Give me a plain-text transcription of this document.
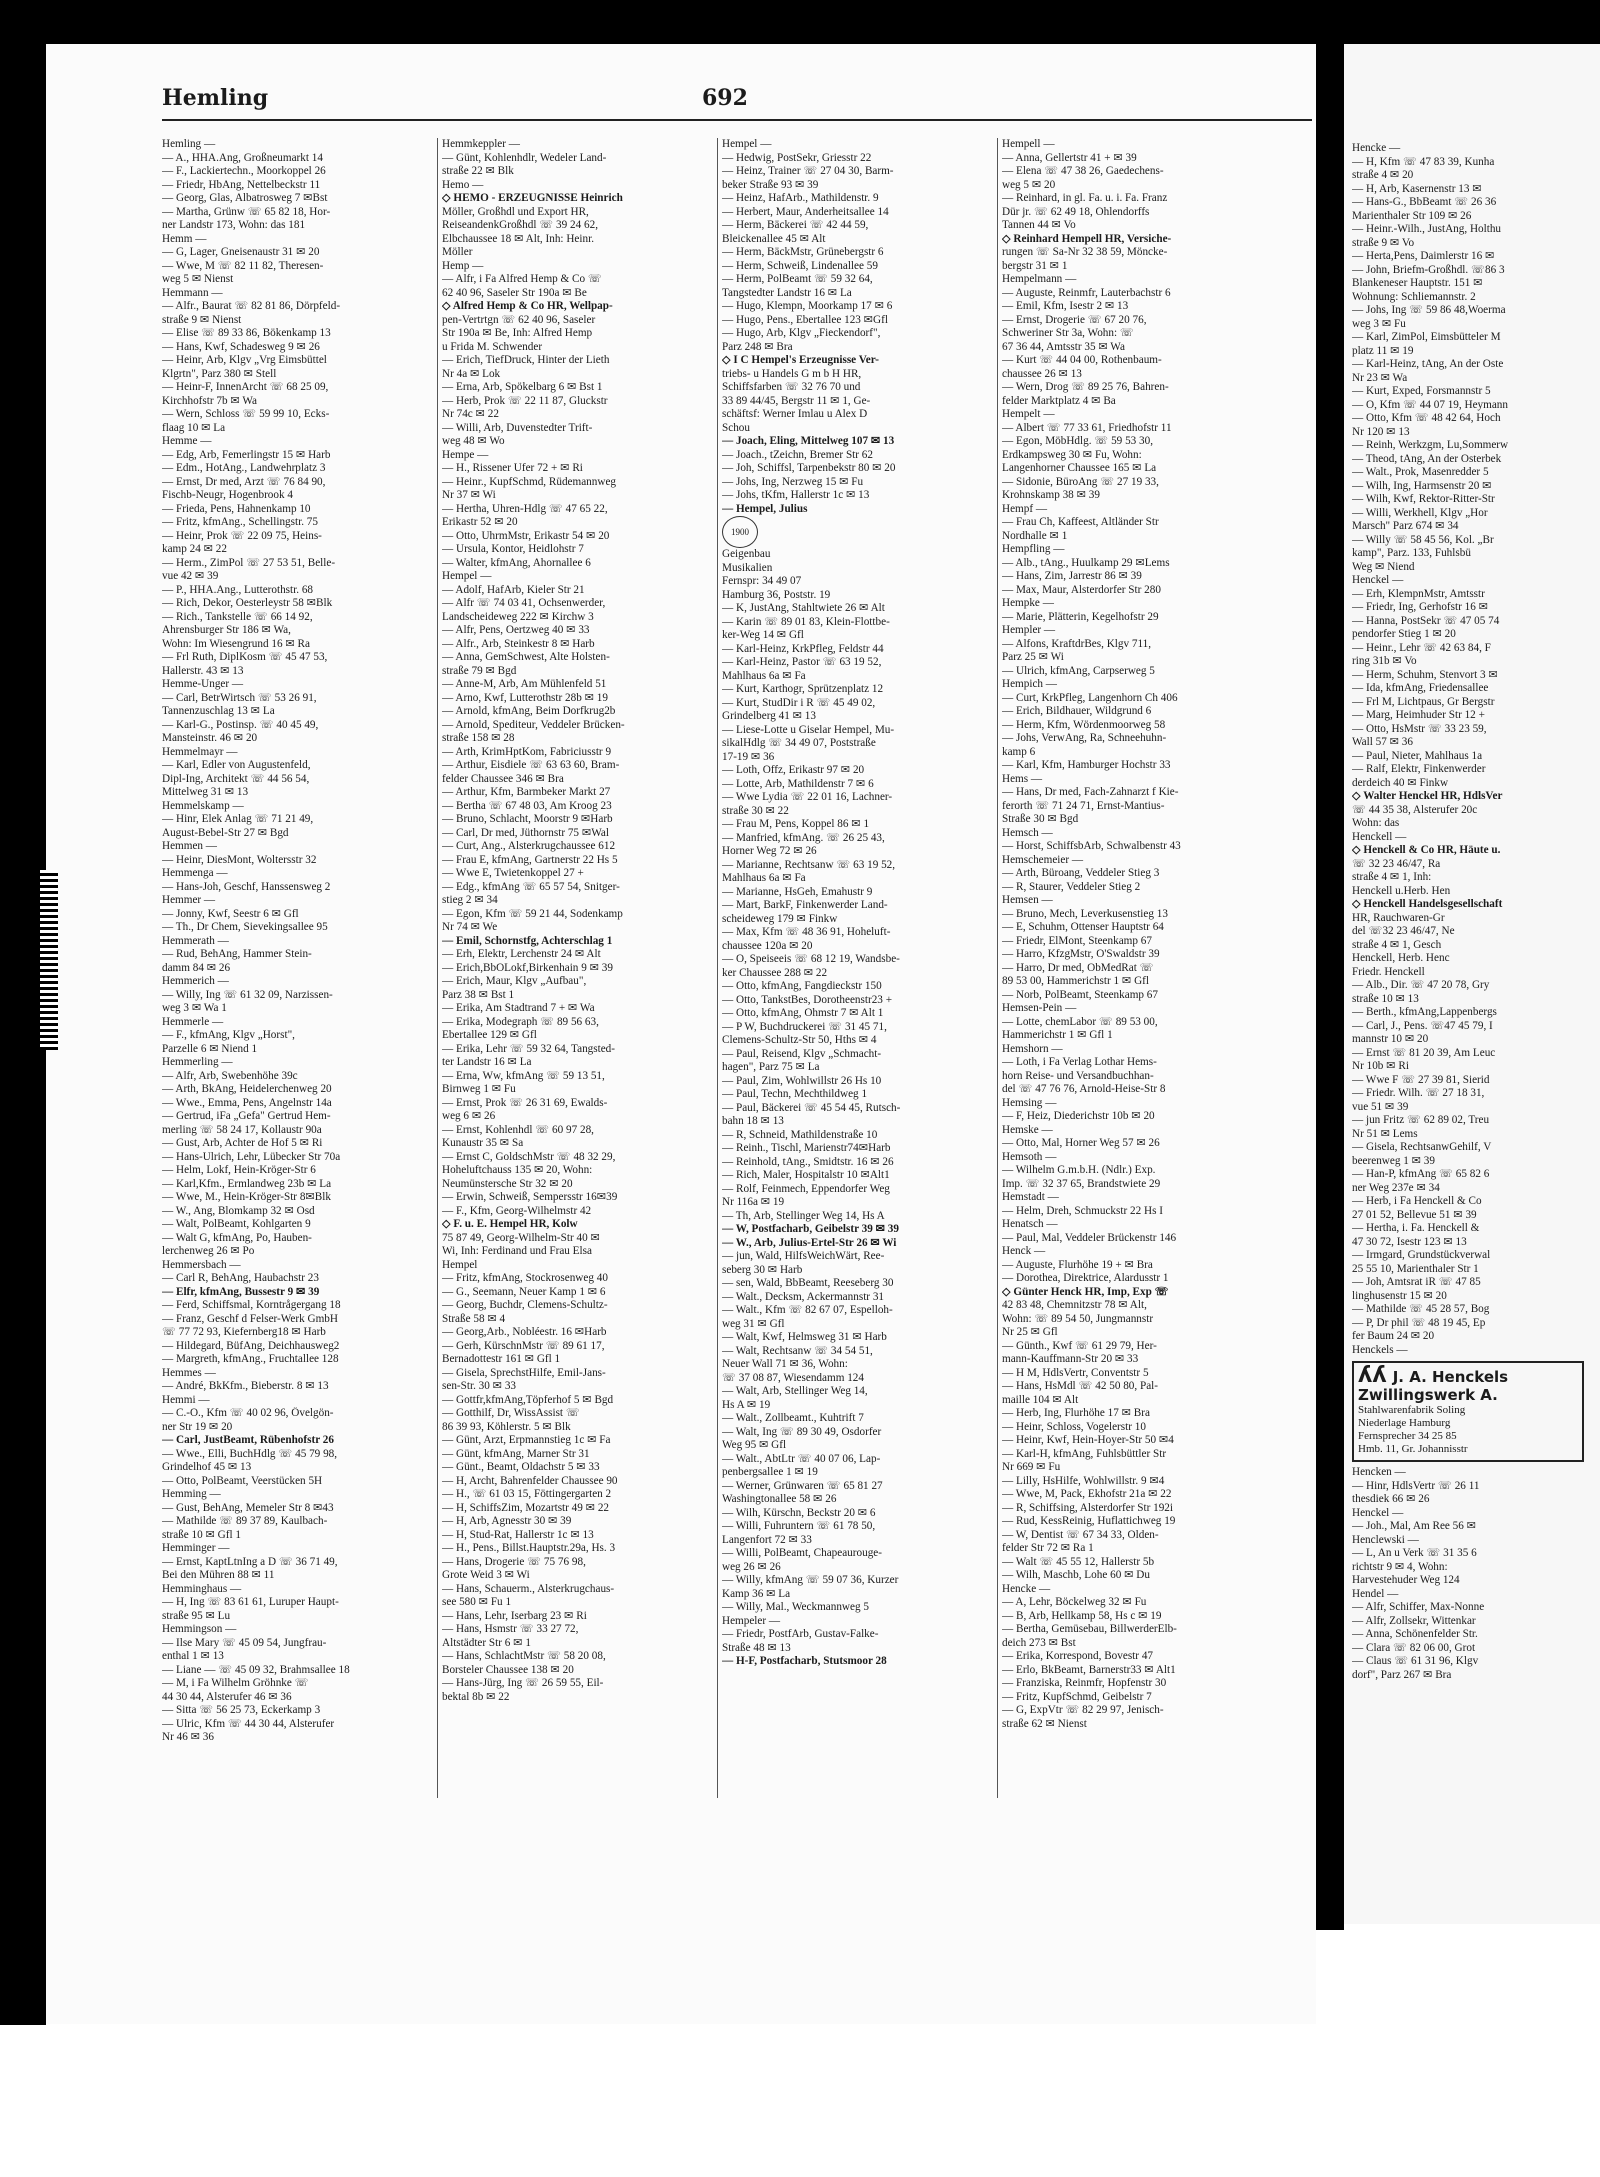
Hemling	692
Hemling —
— A., HHA.Ang, Großneumarkt 14
— F., Lackiertechn., Moorkoppel 26
— Friedr, HbAng, Nettelbeckstr 11
— Georg, Glas, Albatrosweg 7 ✉Bst
— Martha, Grünw ☏ 65 82 18, Hor-
ner Landstr 173, Wohn: das 181
Hemm —
— G, Lager, Gneisenaustr 31 ✉ 20
— Wwe, M ☏ 82 11 82, Theresen-
weg 5 ✉ Nienst
Hemmann —
— Alfr., Baurat ☏ 82 81 86, Dörpfeld-
straße 9 ✉ Nienst
— Elise ☏ 89 33 86, Bökenkamp 13
— Hans, Kwf, Schadesweg 9 ✉ 26
— Heinr, Arb, Klgv „Vrg Eimsbüttel
Klgrtn", Parz 380 ✉ Stell
— Heinr-F, InnenArcht ☏ 68 25 09,
Kirchhofstr 7b ✉ Wa
— Wern, Schloss ☏ 59 99 10, Ecks-
flaag 10 ✉ La
Hemme —
— Edg, Arb, Femerlingstr 15 ✉ Harb
— Edm., HotAng., Landwehrplatz 3
— Ernst, Dr med, Arzt ☏ 76 84 90,
Fischb-Neugr, Hogenbrook 4
— Frieda, Pens, Hahnenkamp 10
— Fritz, kfmAng., Schellingstr. 75
— Heinr, Prok ☏ 22 09 75, Heins-
kamp 24 ✉ 22
— Herm., ZimPol ☏ 27 53 51, Belle-
vue 42 ✉ 39
— P., HHA.Ang., Lutterothstr. 68
— Rich, Dekor, Oesterleystr 58 ✉Blk
— Rich., Tankstelle ☏ 66 14 92,
Ahrensburger Str 186 ✉ Wa,
Wohn: Im Wiesengrund 16 ✉ Ra
— Frl Ruth, DiplKosm ☏ 45 47 53,
Hallerstr. 43 ✉ 13
Hemme-Unger —
— Carl, BetrWirtsch ☏ 53 26 91,
Tannenzuschlag 13 ✉ La
— Karl-G., Postinsp. ☏ 40 45 49,
Mansteinstr. 46 ✉ 20
Hemmelmayr —
— Karl, Edler von Augustenfeld,
Dipl-Ing, Architekt ☏ 44 56 54,
Mittelweg 31 ✉ 13
Hemmelskamp —
— Hinr, Elek Anlag ☏ 71 21 49,
August-Bebel-Str 27 ✉ Bgd
Hemmen —
— Heinr, DiesMont, Woltersstr 32
Hemmenga —
— Hans-Joh, Geschf, Hanssensweg 2
Hemmer —
— Jonny, Kwf, Seestr 6 ✉ Gfl
— Th., Dr Chem, Sievekingsallee 95
Hemmerath —
— Rud, BehAng, Hammer Stein-
damm 84 ✉ 26
Hemmerich —
— Willy, Ing ☏ 61 32 09, Narzissen-
weg 3 ✉ Wa 1
Hemmerle —
— F., kfmAng, Klgv „Horst",
Parzelle 6 ✉ Niend 1
Hemmerling —
— Alfr, Arb, Swebenhöhe 39c
— Arth, BkAng, Heidelerchenweg 20
— Wwe., Emma, Pens, Angelnstr 14a
— Gertrud, iFa „Gefa" Gertrud Hem-
merling ☏ 58 24 17, Kollaustr 90a
— Gust, Arb, Achter de Hof 5 ✉ Ri
— Hans-Ulrich, Lehr, Lübecker Str 70a
— Helm, Lokf, Hein-Kröger-Str 6
— Karl,Kfm., Ermlandweg 23b ✉ La
— Wwe, M., Hein-Kröger-Str 8✉Blk
— W., Ang, Blomkamp 32 ✉ Osd
— Walt, PolBeamt, Kohlgarten 9
— Walt G, kfmAng, Po, Hauben-
lerchenweg 26 ✉ Po
Hemmersbach —
— Carl R, BehAng, Haubachstr 23
— Elfr, kfmAng, Bussestr 9 ✉ 39
— Ferd, Schiffsmal, Korntrågergang 18
— Franz, Geschf d Felser-Werk GmbH
☏ 77 72 93, Kiefernberg18 ✉ Harb
— Hildegard, BüfAng, Deichhausweg2
— Margreth, kfmAng., Fruchtallee 128
Hemmes —
— André, BkKfm., Bieberstr. 8 ✉ 13
Hemmi —
— C.-O., Kfm ☏ 40 02 96, Övelgön-
ner Str 19 ✉ 20
— Carl, JustBeamt, Rübenhofstr 26
— Wwe., Elli, BuchHdlg ☏ 45 79 98,
Grindelhof 45 ✉ 13
— Otto, PolBeamt, Veerstücken 5H
Hemming —
— Gust, BehAng, Memeler Str 8 ✉43
— Mathilde ☏ 89 37 89, Kaulbach-
straße 10 ✉ Gfl 1
Hemminger —
— Ernst, KaptLtnIng a D ☏ 36 71 49,
Bei den Mühren 88 ✉ 11
Hemminghaus —
— H, Ing ☏ 83 61 61, Luruper Haupt-
straße 95 ✉ Lu
Hemmingson —
— Ilse Mary ☏ 45 09 54, Jungfrau-
enthal 1 ✉ 13
— Liane — ☏ 45 09 32, Brahmsallee 18
— M, i Fa Wilhelm Gröhnke ☏
44 30 44, Alsterufer 46 ✉ 36
— Sitta ☏ 56 25 73, Eckerkamp 3
— Ulric, Kfm ☏ 44 30 44, Alsterufer
Nr 46 ✉ 36
Hemmkeppler —
— Günt, Kohlenhdlr, Wedeler Land-
straße 22 ✉ Blk
Hemo —
◇ HEMO - ERZEUGNISSE Heinrich
Möller, Großhdl und Export HR,
ReiseandenkGroßhdl ☏ 39 24 62,
Elbchaussee 18 ✉ Alt, Inh: Heinr.
Möller
Hemp —
— Alfr, i Fa Alfred Hemp & Co ☏
62 40 96, Saseler Str 190a ✉ Be
◇ Alfred Hemp & Co HR, Wellpap-
pen-Vertrtgn ☏ 62 40 96, Saseler
Str 190a ✉ Be, Inh: Alfred Hemp
u Frida M. Schwender
— Erich, TiefDruck, Hinter der Lieth
Nr 4a ✉ Lok
— Erna, Arb, Spökelbarg 6 ✉ Bst 1
— Herb, Prok ☏ 22 11 87, Gluckstr
Nr 74c ✉ 22
— Willi, Arb, Duvenstedter Trift-
weg 48 ✉ Wo
Hempe —
— H., Rissener Ufer 72 + ✉ Ri
— Heinr., KupfSchmd, Rüdemannweg
Nr 37 ✉ Wi
— Hertha, Uhren-Hdlg ☏ 47 65 22,
Erikastr 52 ✉ 20
— Otto, UhrmMstr, Erikastr 54 ✉ 20
— Ursula, Kontor, Heidlohstr 7
— Walter, kfmAng, Ahornallee 6
Hempel —
— Adolf, HafArb, Kieler Str 21
— Alfr ☏ 74 03 41, Ochsenwerder,
Landscheideweg 222 ✉ Kirchw 3
— Alfr, Pens, Oertzweg 40 ✉ 33
— Alfr., Arb, Steinkestr 8 ✉ Harb
— Anna, GemSchwest, Alte Holsten-
straße 79 ✉ Bgd
— Anne-M, Arb, Am Mühlenfeld 51
— Arno, Kwf, Lutterothstr 28b ✉ 19
— Arnold, kfmAng, Beim Dorfkrug2b
— Arnold, Spediteur, Veddeler Brücken-
straße 158 ✉ 28
— Arth, KrimHptKom, Fabriciusstr 9
— Arthur, Eisdiele ☏ 63 63 60, Bram-
felder Chaussee 346 ✉ Bra
— Arthur, Kfm, Barmbeker Markt 27
— Bertha ☏ 67 48 03, Am Kroog 23
— Bruno, Schlacht, Moorstr 9 ✉Harb
— Carl, Dr med, Jüthornstr 75 ✉Wal
— Curt, Ang., Alsterkrugchaussee 612
— Frau E, kfmAng, Gartnerstr 22 Hs 5
— Wwe E, Twietenkoppel 27 +
— Edg., kfmAng ☏ 65 57 54, Snitger-
stieg 2 ✉ 34
— Egon, Kfm ☏ 59 21 44, Sodenkamp
Nr 74 ✉ We
— Emil, Schornstfg, Achterschlag 1
— Erh, Elektr, Lerchenstr 24 ✉ Alt
— Erich,BbOLokf,Birkenhain 9 ✉ 39
— Erich, Maur, Klgv „Aufbau",
Parz 38 ✉ Bst 1
— Erika, Am Stadtrand 7 + ✉ Wa
— Erika, Modegraph ☏ 89 56 63,
Ebertallee 129 ✉ Gfl
— Erika, Lehr ☏ 59 32 64, Tangsted-
ter Landstr 16 ✉ La
— Erna, Ww, kfmAng ☏ 59 13 51,
Birnweg 1 ✉ Fu
— Ernst, Prok ☏ 26 31 69, Ewalds-
weg 6 ✉ 26
— Ernst, Kohlenhdl ☏ 60 97 28,
Kunaustr 35 ✉ Sa
— Ernst C, GoldschMstr ☏ 48 32 29,
Hoheluftchauss 135 ✉ 20, Wohn:
Neumünstersche Str 32 ✉ 20
— Erwin, Schweiß, Sempersstr 16✉39
— F., Kfm, Georg-Wilhelmstr 42
◇ F. u. E. Hempel HR, Kolw
75 87 49, Georg-Wilhelm-Str 40 ✉
Wi, Inh: Ferdinand und Frau Elsa
Hempel
— Fritz, kfmAng, Stockrosenweg 40
— G., Seemann, Neuer Kamp 1 ✉ 6
— Georg, Buchdr, Clemens-Schultz-
Straße 58 ✉ 4
— Georg,Arb., Nobléestr. 16 ✉Harb
— Gerh, KürschnMstr ☏ 89 61 17,
Bernadottestr 161 ✉ Gfl 1
— Gisela, SprechstHilfe, Emil-Jans-
sen-Str. 30 ✉ 33
— Gottfr,kfmAng,Töpferhof 5 ✉ Bgd
— Gotthilf, Dr, WissAssist ☏
86 39 93, Köhlerstr. 5 ✉ Blk
— Günt, Arzt, Erpmannstieg 1c ✉ Fa
— Günt, kfmAng, Marner Str 31
— Günt., Beamt, Oldachstr 5 ✉ 33
— H, Archt, Bahrenfelder Chaussee 90
— H., ☏ 61 03 15, Föttingergarten 2
— H, SchiffsZim, Mozartstr 49 ✉ 22
— H, Arb, Agnesstr 30 ✉ 39
— H, Stud-Rat, Hallerstr 1c ✉ 13
— H., Pens., Billst.Hauptstr.29a, Hs. 3
— Hans, Drogerie ☏ 75 76 98,
Grote Weid 3 ✉ Wi
— Hans, Schauerm., Alsterkrugchaus-
see 580 ✉ Fu 1
— Hans, Lehr, Iserbarg 23 ✉ Ri
— Hans, Hsmstr ☏ 33 27 72,
Altstädter Str 6 ✉ 1
— Hans, SchlachtMstr ☏ 58 20 08,
Borsteler Chaussee 138 ✉ 20
— Hans-Jürg, Ing ☏ 26 59 55, Eil-
bektal 8b ✉ 22
Hempel —
— Hedwig, PostSekr, Griesstr 22
— Heinz, Trainer ☏ 27 04 30, Barm-
beker Straße 93 ✉ 39
— Heinz, HafArb., Mathildenstr. 9
— Herbert, Maur, Anderheitsallee 14
— Herm, Bäckerei ☏ 42 44 59,
Bleickenallee 45 ✉ Alt
— Herm, BäckMstr, Grünebergstr 6
— Herm, Schweiß, Lindenallee 59
— Herm, PolBeamt ☏ 59 32 64,
Tangstedter Landstr 16 ✉ La
— Hugo, Klempn, Moorkamp 17 ✉ 6
— Hugo, Pens., Ebertallee 123 ✉Gfl
— Hugo, Arb, Klgv „Fieckendorf",
Parz 248 ✉ Bra
◇ I C Hempel's Erzeugnisse Ver-
triebs- u Handels G m b H HR,
Schiffsfarben ☏ 32 76 70 und
33 89 44/45, Bergstr 11 ✉ 1, Ge-
schäftsf: Werner Imlau u Alex D
Schou
— Joach, Eling, Mittelweg 107 ✉ 13
— Joach., tZeichn, Bremer Str 62
— Joh, Schiffsl, Tarpenbekstr 80 ✉ 20
— Johs, Ing, Nerzweg 15 ✉ Fu
— Johs, tKfm, Hallerstr 1c ✉ 13
— Hempel, Julius
1900
Geigenbau
Musikalien
Fernspr: 34 49 07
Hamburg 36, Poststr. 19
— K, JustAng, Stahltwiete 26 ✉ Alt
— Karin ☏ 89 01 83, Klein-Flottbe-
ker-Weg 14 ✉ Gfl
— Karl-Heinz, KrkPfleg, Feldstr 44
— Karl-Heinz, Pastor ☏ 63 19 52,
Mahlhaus 6a ✉ Fa
— Kurt, Karthogr, Sprützenplatz 12
— Kurt, StudDir i R ☏ 45 49 02,
Grindelberg 41 ✉ 13
— Liese-Lotte u Giselar Hempel, Mu-
sikalHdlg ☏ 34 49 07, Poststraße
17-19 ✉ 36
— Loth, Offz, Erikastr 97 ✉ 20
— Lotte, Arb, Mathildenstr 7 ✉ 6
— Wwe Lydia ☏ 22 01 16, Lachner-
straße 30 ✉ 22
— Frau M, Pens, Koppel 86 ✉ 1
— Manfried, kfmAng. ☏ 26 25 43,
Horner Weg 72 ✉ 26
— Marianne, Rechtsanw ☏ 63 19 52,
Mahlhaus 6a ✉ Fa
— Marianne, HsGeh, Emahustr 9
— Mart, BarkF, Finkenwerder Land-
scheideweg 179 ✉ Finkw
— Max, Kfm ☏ 48 36 91, Hoheluft-
chaussee 120a ✉ 20
— O, Speiseeis ☏ 68 12 19, Wandsbe-
ker Chaussee 288 ✉ 22
— Otto, kfmAng, Fangdieckstr 150
— Otto, TankstBes, Dorotheenstr23 +
— Otto, kfmAng, Ohmstr 7 ✉ Alt 1
— P W, Buchdruckerei ☏ 31 45 71,
Clemens-Schultz-Str 50, Hths ✉ 4
— Paul, Reisend, Klgv „Schmacht-
hagen", Parz 75 ✉ La
— Paul, Zim, Wohlwillstr 26 Hs 10
— Paul, Techn, Mechthildweg 1
— Paul, Bäckerei ☏ 45 54 45, Rutsch-
bahn 18 ✉ 13
— R, Schneid, Mathildenstraße 10
— Reinh., Tischl, Marienstr74✉Harb
— Reinhold, tAng., Smidtstr. 16 ✉ 26
— Rich, Maler, Hospitalstr 10 ✉Alt1
— Rolf, Feinmech, Eppendorfer Weg
Nr 116a ✉ 19
— Th, Arb, Stellinger Weg 14, Hs A
— W, Postfacharb, Geibelstr 39 ✉ 39
— W., Arb, Julius-Ertel-Str 26 ✉ Wi
— jun, Wald, HilfsWeichWärt, Ree-
seberg 30 ✉ Harb
— sen, Wald, BbBeamt, Reeseberg 30
— Walt., Decksm, Ackermannstr 31
— Walt., Kfm ☏ 82 67 07, Espelloh-
weg 31 ✉ Gfl
— Walt, Kwf, Helmsweg 31 ✉ Harb
— Walt, Rechtsanw ☏ 34 54 51,
Neuer Wall 71 ✉ 36, Wohn:
☏ 37 08 87, Wiesendamm 124
— Walt, Arb, Stellinger Weg 14,
Hs A ✉ 19
— Walt., Zollbeamt., Kuhtrift 7
— Walt, Ing ☏ 89 30 49, Osdorfer
Weg 95 ✉ Gfl
— Walt., AbtLtr ☏ 40 07 06, Lap-
penbergsallee 1 ✉ 19
— Werner, Grünwaren ☏ 65 81 27
Washingtonallee 58 ✉ 26
— Wilh, Kürschn, Beckstr 20 ✉ 6
— Willi, Fuhruntern ☏ 61 78 50,
Langenfort 72 ✉ 33
— Willi, PolBeamt, Chapeaurouge-
weg 26 ✉ 26
— Willy, kfmAng ☏ 59 07 36, Kurzer
Kamp 36 ✉ La
— Willy, Mal., Weckmannweg 5
Hempeler —
— Friedr, PostfArb, Gustav-Falke-
Straße 48 ✉ 13
— H-F, Postfacharb, Stutsmoor 28
Hempell —
— Anna, Gellertstr 41 + ✉ 39
— Elena ☏ 47 38 26, Gaedechens-
weg 5 ✉ 20
— Reinhard, in gl. Fa. u. i. Fa. Franz
Dür jr. ☏ 62 49 18, Ohlendorffs
Tannen 44 ✉ Vo
◇ Reinhard Hempell HR, Versiche-
rungen ☏ Sa-Nr 32 38 59, Möncke-
bergstr 31 ✉ 1
Hempelmann —
— Auguste, Reinmfr, Lauterbachstr 6
— Emil, Kfm, Isestr 2 ✉ 13
— Ernst, Drogerie ☏ 67 20 76,
Schweriner Str 3a, Wohn: ☏
67 36 44, Amtsstr 35 ✉ Wa
— Kurt ☏ 44 04 00, Rothenbaum-
chaussee 26 ✉ 13
— Wern, Drog ☏ 89 25 76, Bahren-
felder Marktplatz 4 ✉ Ba
Hempelt —
— Albert ☏ 77 33 61, Friedhofstr 11
— Egon, MöbHdlg. ☏ 59 53 30,
Erdkampsweg 30 ✉ Fu, Wohn:
Langenhorner Chaussee 165 ✉ La
— Sidonie, BüroAng ☏ 27 19 33,
Krohnskamp 38 ✉ 39
Hempf —
— Frau Ch, Kaffeest, Altländer Str
Nordhalle ✉ 1
Hempfling —
— Alb., tAng., Huulkamp 29 ✉Lems
— Hans, Zim, Jarrestr 86 ✉ 39
— Max, Maur, Alsterdorfer Str 280
Hempke —
— Marie, Plätterin, Kegelhofstr 29
Hempler —
— Alfons, KraftdrBes, Klgv 711,
Parz 25 ✉ Wi
— Ulrich, kfmAng, Carpserweg 5
Hempich —
— Curt, KrkPfleg, Langenhorn Ch 406
— Erich, Bildhauer, Wildgrund 6
— Herm, Kfm, Wördenmoorweg 58
— Johs, VerwAng, Ra, Schneehuhn-
kamp 6
— Karl, Kfm, Hamburger Hochstr 33
Hems —
— Hans, Dr med, Fach-Zahnarzt f Kie-
ferorth ☏ 71 24 71, Ernst-Mantius-
Straße 30 ✉ Bgd
Hemsch —
— Horst, SchiffsbArb, Schwalbenstr 43
Hemschemeier —
— Arth, Büroang, Veddeler Stieg 3
— R, Staurer, Veddeler Stieg 2
Hemsen —
— Bruno, Mech, Leverkusenstieg 13
— E, Schuhm, Ottenser Hauptstr 64
— Friedr, ElMont, Steenkamp 67
— Harro, KfzgMstr, O'Swaldstr 39
— Harro, Dr med, ObMedRat ☏
89 53 00, Hammerichstr 1 ✉ Gfl
— Norb, PolBeamt, Steenkamp 67
Hemsen-Pein —
— Lotte, chemLabor ☏ 89 53 00,
Hammerichstr 1 ✉ Gfl 1
Hemshorn —
— Loth, i Fa Verlag Lothar Hems-
horn Reise- und Versandbuchhan-
del ☏ 47 76 76, Arnold-Heise-Str 8
Hemsing —
— F, Heiz, Diederichstr 10b ✉ 20
Hemske —
— Otto, Mal, Horner Weg 57 ✉ 26
Hemsoth —
— Wilhelm G.m.b.H. (Ndlr.) Exp.
Imp. ☏ 32 37 65, Brandstwiete 29
Hemstadt —
— Helm, Dreh, Schmuckstr 22 Hs I
Henatsch —
— Paul, Mal, Veddeler Brückenstr 146
Henck —
— Auguste, Flurhöhe 19 + ✉ Bra
— Dorothea, Direktrice, Alardusstr 1
◇ Günter Henck HR, Imp, Exp ☏
42 83 48, Chemnitzstr 78 ✉ Alt,
Wohn: ☏ 89 54 50, Jungmannstr
Nr 25 ✉ Gfl
— Günth., Kwf ☏ 61 29 79, Her-
mann-Kauffmann-Str 20 ✉ 33
— H M, HdlsVertr, Conventstr 5
— Hans, HsMdl ☏ 42 50 80, Pal-
maille 104 ✉ Alt
— Herb, Ing, Flurhöhe 17 ✉ Bra
— Heinr, Schloss, Vogelerstr 10
— Heinr, Kwf, Hein-Hoyer-Str 50 ✉4
— Karl-H, kfmAng, Fuhlsbüttler Str
Nr 669 ✉ Fu
— Lilly, HsHilfe, Wohlwillstr. 9 ✉4
— Wwe, M, Pack, Ekhofstr 21a ✉ 22
— R, Schiffsing, Alsterdorfer Str 192i
— Rud, KessReinig, Huflattichweg 19
— W, Dentist ☏ 67 34 33, Olden-
felder Str 72 ✉ Ra 1
— Walt ☏ 45 55 12, Hallerstr 5b
— Wilh, Maschb, Lohe 60 ✉ Du
Hencke —
— A, Lehr, Böckelweg 32 ✉ Fu
— B, Arb, Hellkamp 58, Hs c ✉ 19
— Bertha, Gemüsebau, BillwerderElb-
deich 273 ✉ Bst
— Erika, Korrespond, Bovestr 47
— Erlo, BkBeamt, Barnerstr33 ✉ Alt1
— Franziska, Reinmfr, Hopfenstr 30
— Fritz, KupfSchmd, Geibelstr 7
— G, ExpVtr ☏ 82 29 97, Jenisch-
straße 62 ✉ Nienst
Hencke —
— H, Kfm ☏ 47 83 39, Kunha
straße 4 ✉ 20
— H, Arb, Kasernenstr 13 ✉
— Hans-G., BbBeamt ☏ 26 36
Marienthaler Str 109 ✉ 26
— Heinr.-Wilh., JustAng, Holthu
straße 9 ✉ Vo
— Herta,Pens, Daimlerstr 16 ✉
— John, Briefm-Großhdl. ☏86 3
Blankeneser Hauptstr. 151 ✉
Wohnung: Schliemannstr. 2
— Johs, Ing ☏ 59 86 48,Woerma
weg 3 ✉ Fu
— Karl, ZimPol, Eimsbütteler M
platz 11 ✉ 19
— Karl-Heinz, tAng, An der Oste
Nr 23 ✉ Wa
— Kurt, Exped, Forsmannstr 5
— O, Kfm ☏ 44 07 19, Heymann
— Otto, Kfm ☏ 48 42 64, Hoch
Nr 120 ✉ 13
— Reinh, Werkzgm, Lu,Sommerw
— Theod, tAng, An der Osterbek
— Walt., Prok, Masenredder 5
— Wilh, Ing, Harmsenstr 20 ✉
— Wilh, Kwf, Rektor-Ritter-Str
— Willi, Werkhell, Klgv „Hor
Marsch" Parz 674 ✉ 34
— Willy ☏ 58 45 56, Kol. „Br
kamp", Parz. 133, Fuhlsbü
Weg ✉ Niend
Henckel —
— Erh, KlempnMstr, Amtsstr
— Friedr, Ing, Gerhofstr 16 ✉
— Hanna, PostSekr ☏ 47 05 74
pendorfer Stieg 1 ✉ 20
— Heinr., Lehr ☏ 42 63 84, F
ring 31b ✉ Vo
— Herm, Schuhm, Stenvort 3 ✉
— Ida, kfmAng, Friedensallee
— Frl M, Lichtpaus, Gr Bergstr
— Marg, Heimhuder Str 12 +
— Otto, HsMstr ☏ 33 23 59,
Wall 57 ✉ 36
— Paul, Nieter, Mahlhaus 1a
— Ralf, Elektr, Finkenwerder
derdeich 40 ✉ Finkw
◇ Walter Henckel HR, HdlsVer
☏ 44 35 38, Alsterufer 20c
Wohn: das
Henckell —
◇ Henckell & Co HR, Häute u.
☏ 32 23 46/47, Ra
straße 4 ✉ 1, Inh:
Henckell u.Herb. Hen
◇ Henckell Handelsgesellschaft
HR, Rauchwaren-Gr
del ☏32 23 46/47, Ne
straße 4 ✉ 1, Gesch
Henckell, Herb. Henc
Friedr. Henckell
— Alb., Dir. ☏ 47 20 78, Gry
straße 10 ✉ 13
— Berth., kfmAng,Lappenbergs
— Carl, J., Pens. ☏47 45 79, I
mannstr 10 ✉ 20
— Ernst ☏ 81 20 39, Am Leuc
Nr 10b ✉ Ri
— Wwe F ☏ 27 39 81, Sierid
— Friedr. Wilh. ☏ 27 18 31,
vue 51 ✉ 39
— jun Fritz ☏ 62 89 02, Treu
Nr 51 ✉ Lems
— Gisela, RechtsanwGehilf, V
beerenweg 1 ✉ 39
— Han-P, kfmAng ☏ 65 82 6
ner Weg 237e ✉ 34
— Herb, i Fa Henckell & Co
27 01 52, Bellevue 51 ✉ 39
— Hertha, i. Fa. Henckell &
47 30 72, Isestr 123 ✉ 13
— Irmgard, Grundstückverwal
25 55 10, Marienthaler Str 1
— Joh, Amtsrat iR ☏ 47 85
linghusenstr 15 ✉ 20
— Mathilde ☏ 45 28 57, Bog
— P, Dr phil ☏ 48 19 45, Ep
fer Baum 24 ✉ 20
Henckels —
ʎʎ J. A. Henckels
Zwillingswerk A.
Stahlwarenfabrik Soling
Niederlage Hamburg
Fernsprecher 34 25 85
Hmb. 11, Gr. Johannisstr
Hencken —
— Hinr, HdlsVertr ☏ 26 11
thesdiek 66 ✉ 26
Henckel —
— Joh., Mal, Am Ree 56 ✉
Henclewski —
— L, An u Verk ☏ 31 35 6
richtstr 9 ✉ 4, Wohn:
Harvestehuder Weg 124
Hendel —
— Alfr, Schiffer, Max-Nonne
— Alfr, Zollsekr, Wittenkar
— Anna, Schönenfelder Str.
— Clara ☏ 82 06 00, Grot
— Claus ☏ 61 31 96, Klgv
dorf", Parz 267 ✉ Bra
